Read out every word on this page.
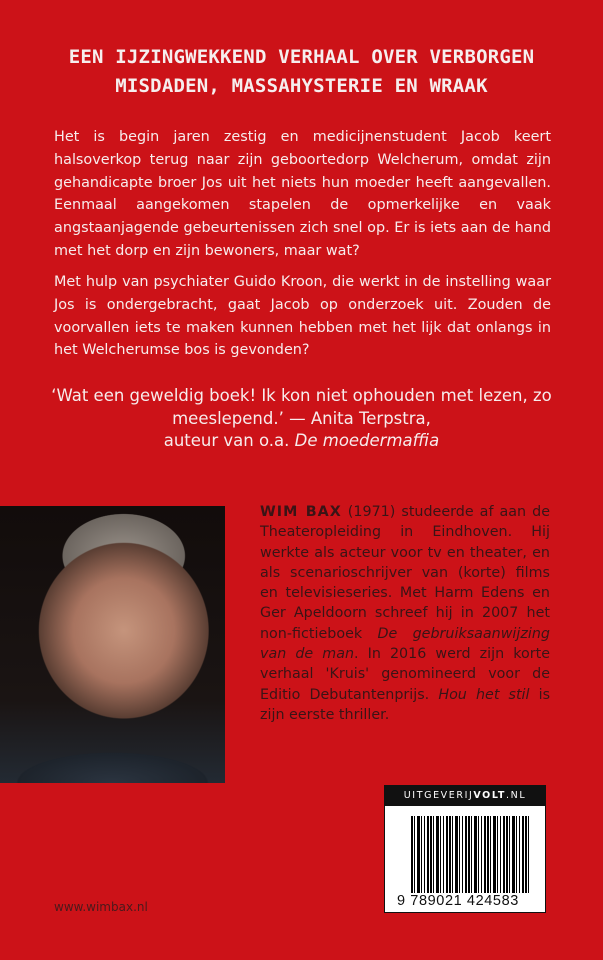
EEN IJZINGWEKKEND VERHAAL OVER VERBORGEN
MISDADEN, MASSAHYSTERIE EN WRAAK

Het is begin jaren zestig en medicijnenstudent Jacob keert halsoverkop terug naar zijn geboortedorp Welcherum, omdat zijn gehandicapte broer Jos uit het niets hun moeder heeft aangevallen. Eenmaal aangekomen stapelen de opmerkelijke en vaak angstaanjagende gebeurtenissen zich snel op. Er is iets aan de hand met het dorp en zijn bewoners, maar wat?

Met hulp van psychiater Guido Kroon, die werkt in de instelling waar Jos is ondergebracht, gaat Jacob op onderzoek uit. Zouden de voorvallen iets te maken kunnen hebben met het lijk dat onlangs in het Welcherumse bos is gevonden?

‘Wat een geweldig boek! Ik kon niet ophouden met lezen, zo meeslepend.’ — Anita Terpstra,
auteur van o.a. De moedermaffia

WIM BAX (1971) studeerde af aan de Theateropleiding in Eindhoven. Hij werkte als acteur voor tv en theater, en als scenarioschrijver van (korte) films en televisieseries. Met Harm Edens en Ger Apeldoorn schreef hij in 2007 het non-fictieboek De gebruiksaanwijzing van de man. In 2016 werd zijn korte verhaal 'Kruis' genomineerd voor de Editio Debutantenprijs. Hou het stil is zijn eerste thriller.

UITGEVERIJVOLT.NL
9 789021 424583
www.wimbax.nl
